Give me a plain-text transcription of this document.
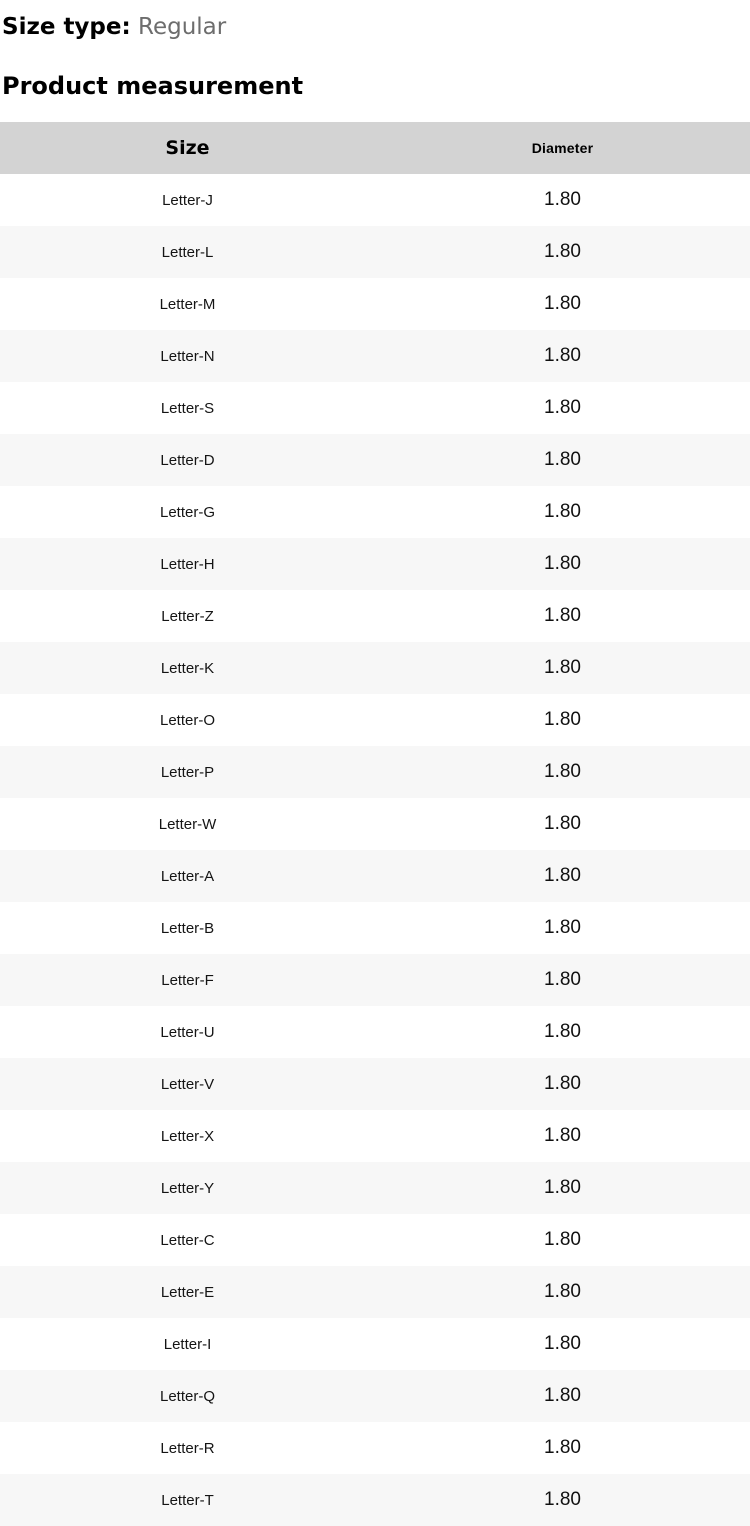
Size type: Regular

Product measurement
Size	Diameter
Letter-J	1.80
Letter-L	1.80
Letter-M	1.80
Letter-N	1.80
Letter-S	1.80
Letter-D	1.80
Letter-G	1.80
Letter-H	1.80
Letter-Z	1.80
Letter-K	1.80
Letter-O	1.80
Letter-P	1.80
Letter-W	1.80
Letter-A	1.80
Letter-B	1.80
Letter-F	1.80
Letter-U	1.80
Letter-V	1.80
Letter-X	1.80
Letter-Y	1.80
Letter-C	1.80
Letter-E	1.80
Letter-I	1.80
Letter-Q	1.80
Letter-R	1.80
Letter-T	1.80
